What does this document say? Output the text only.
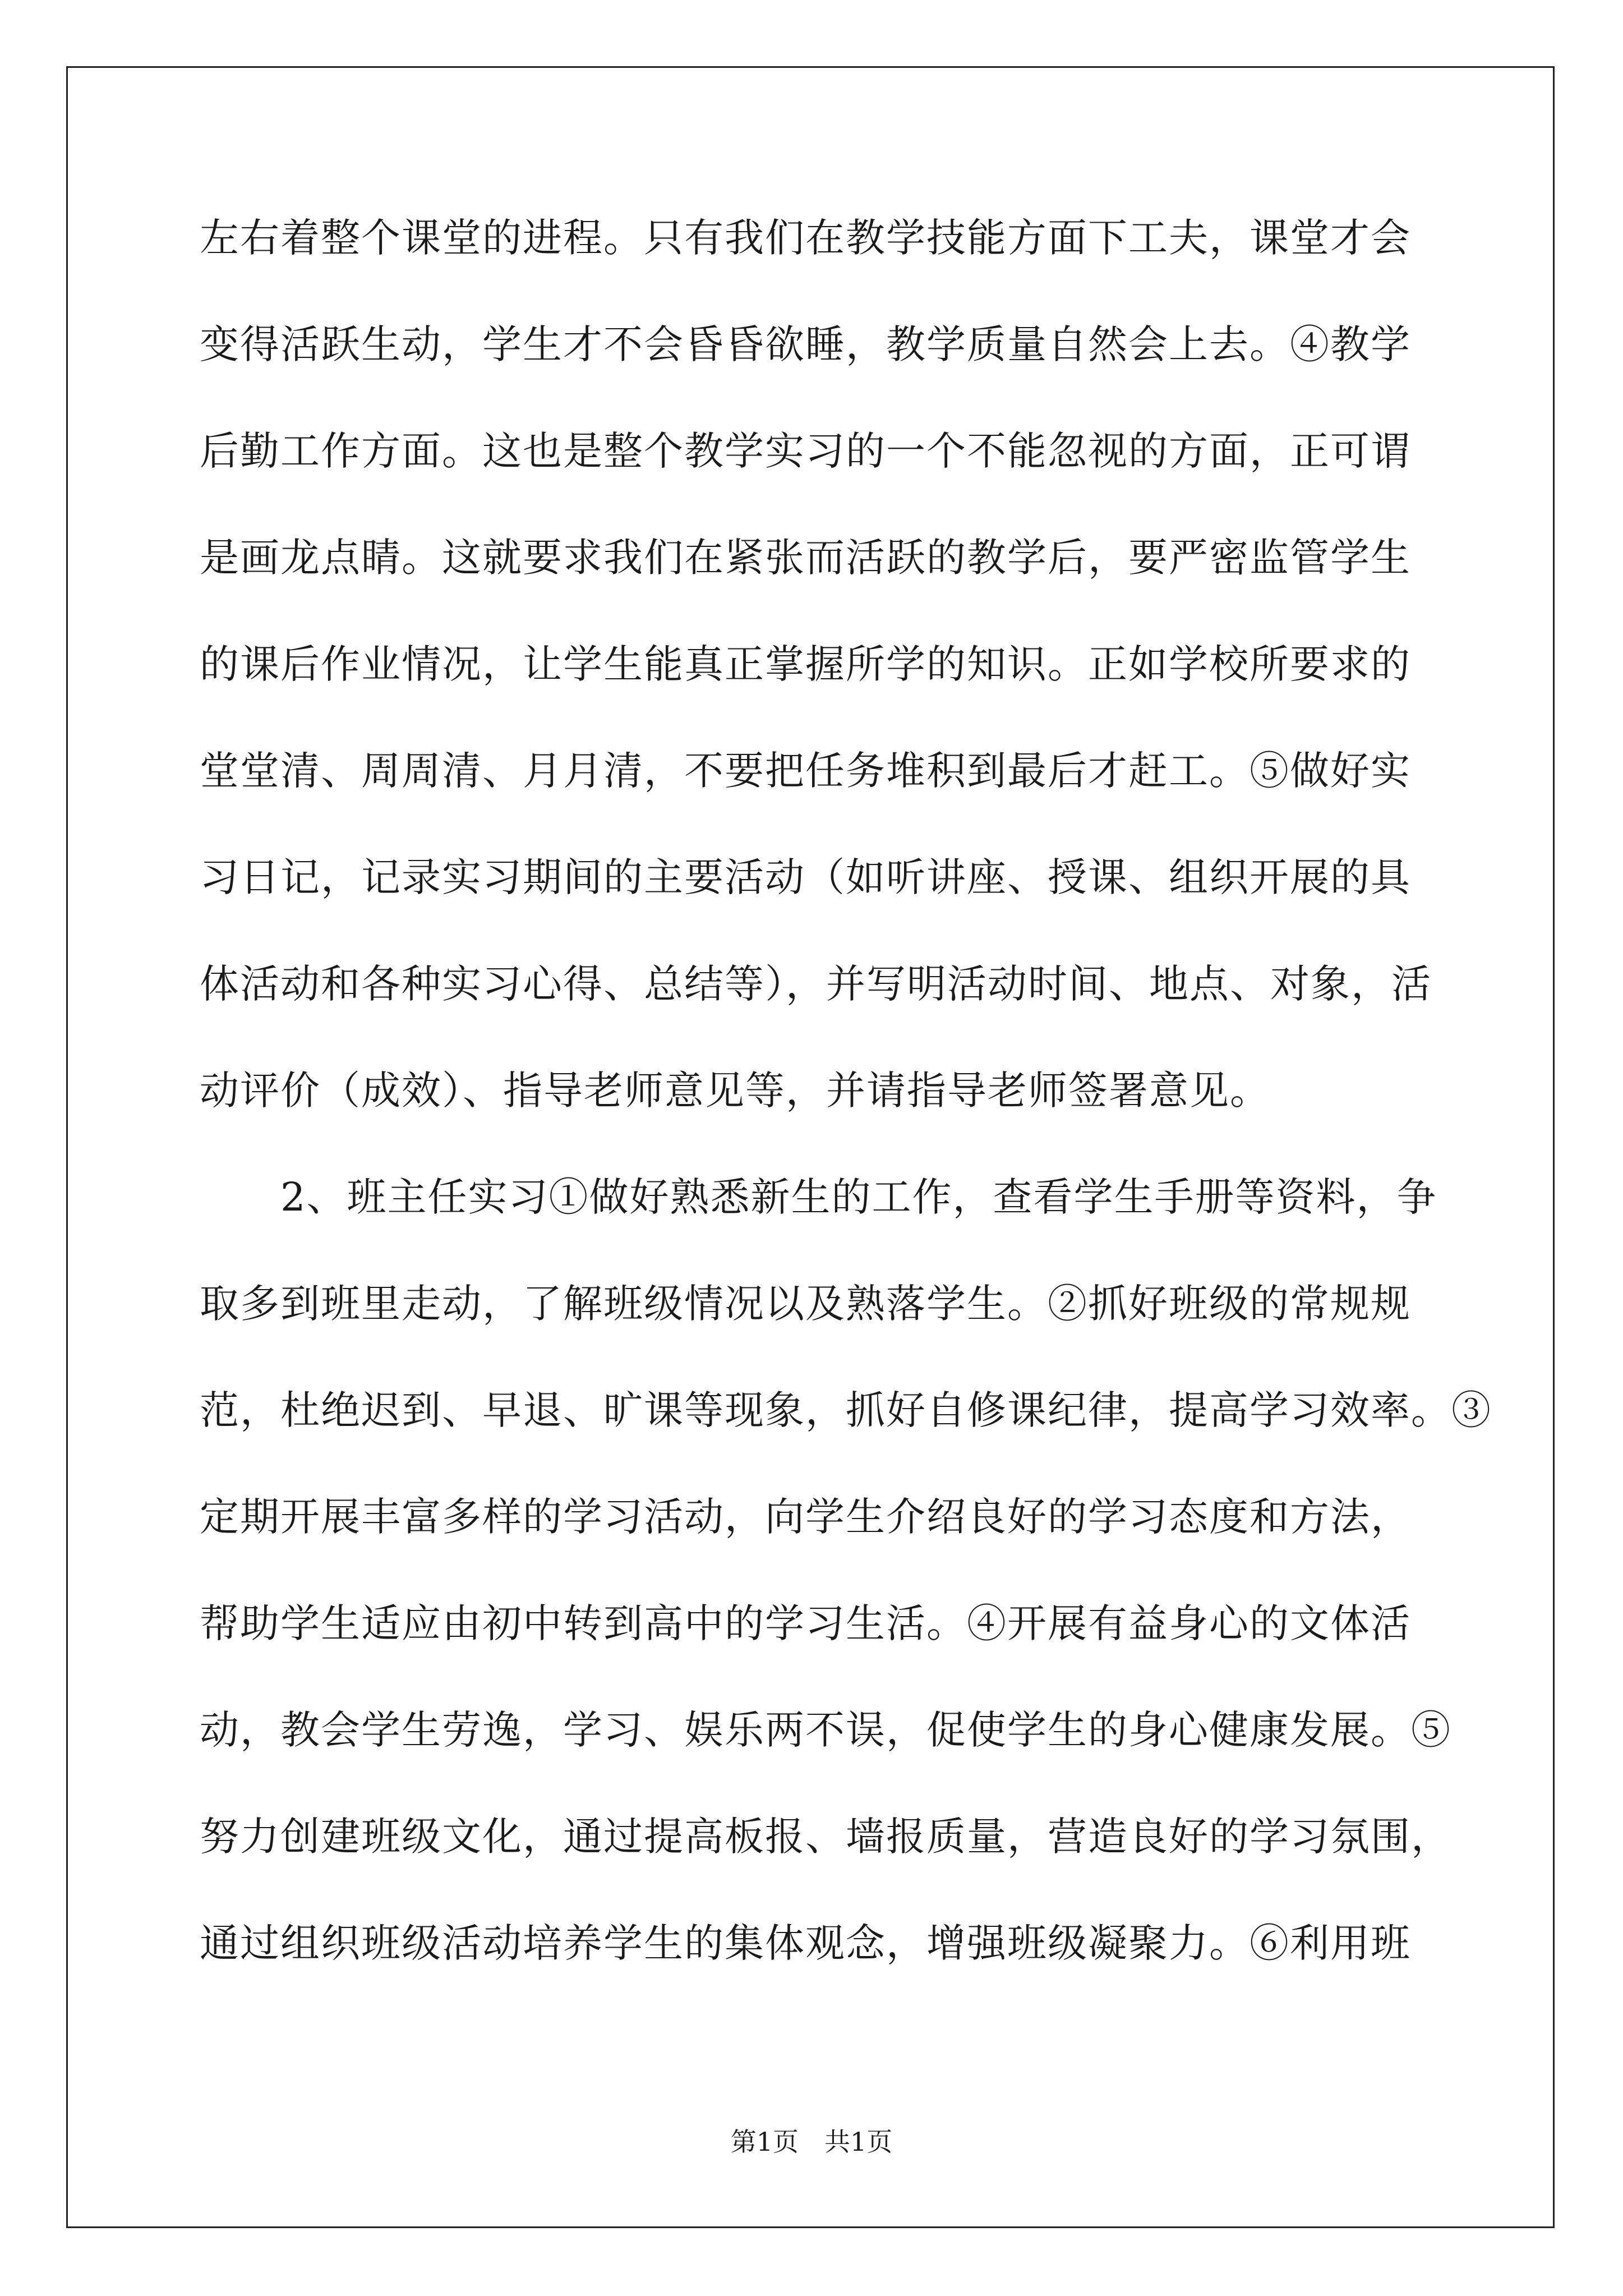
左右着整个课堂的进程。只有我们在教学技能方面下工夫，课堂才会
变得活跃生动，学生才不会昏昏欲睡，教学质量自然会上去。④教学
后勤工作方面。这也是整个教学实习的一个不能忽视的方面，正可谓
是画龙点睛。这就要求我们在紧张而活跃的教学后，要严密监管学生
的课后作业情况，让学生能真正掌握所学的知识。正如学校所要求的
堂堂清、周周清、月月清，不要把任务堆积到最后才赶工。⑤做好实
习日记，记录实习期间的主要活动（如听讲座、授课、组织开展的具
体活动和各种实习心得、总结等），并写明活动时间、地点、对象，活
动评价（成效）、指导老师意见等，并请指导老师签署意见。
　　2、班主任实习①做好熟悉新生的工作，查看学生手册等资料，争
取多到班里走动，了解班级情况以及熟落学生。②抓好班级的常规规
范，杜绝迟到、早退、旷课等现象，抓好自修课纪律，提高学习效率。③
定期开展丰富多样的学习活动，向学生介绍良好的学习态度和方法，
帮助学生适应由初中转到高中的学习生活。④开展有益身心的文体活
动，教会学生劳逸，学习、娱乐两不误，促使学生的身心健康发展。⑤
努力创建班级文化，通过提高板报、墙报质量，营造良好的学习氛围，
通过组织班级活动培养学生的集体观念，增强班级凝聚力。⑥利用班
第1页　共1页
